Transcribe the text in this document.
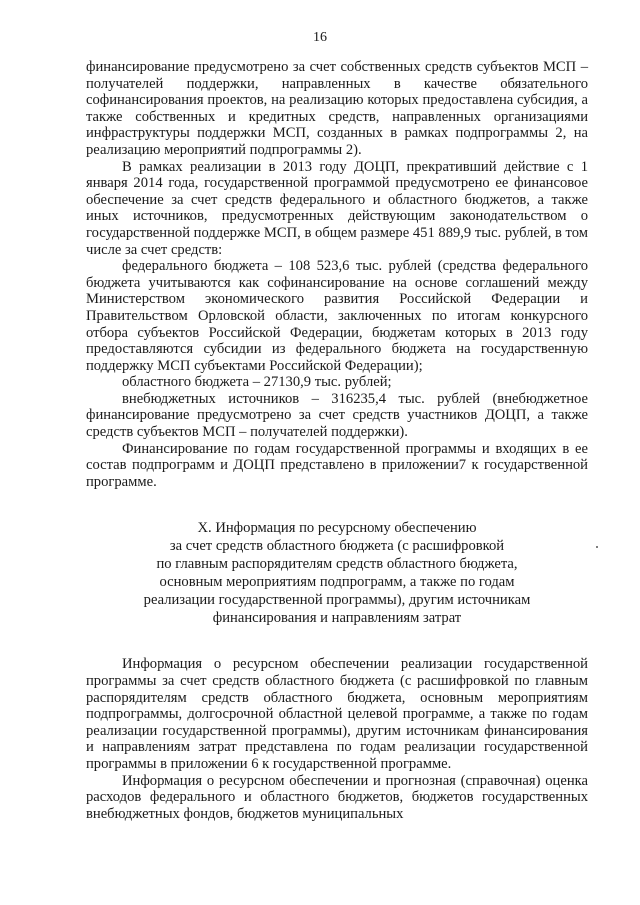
16

финансирование предусмотрено за счет собственных средств субъектов МСП – получателей поддержки, направленных в качестве обязательного софинансирования проектов, на реализацию которых предоставлена субсидия, а также собственных и кредитных средств, направленных организациями инфраструктуры поддержки МСП, созданных в рамках подпрограммы 2, на реализацию мероприятий подпрограммы 2).

В рамках реализации в 2013 году ДОЦП, прекративший действие с 1 января 2014 года, государственной программой предусмотрено ее финансовое обеспечение за счет средств федерального и областного бюджетов, а также иных источников, предусмотренных действующим законодательством о государственной поддержке МСП, в общем размере 451 889,9 тыс. рублей, в том числе за счет средств:

федерального бюджета – 108 523,6 тыс. рублей (средства федерального бюджета учитываются как софинансирование на основе соглашений между Министерством экономического развития Российской Федерации и Правительством Орловской области, заключенных по итогам конкурсного отбора субъектов Российской Федерации, бюджетам которых в 2013 году предоставляются субсидии из федерального бюджета на государственную поддержку МСП субъектами Российской Федерации);

областного бюджета – 27130,9 тыс. рублей;

внебюджетных источников – 316235,4 тыс. рублей (внебюджетное финансирование предусмотрено за счет средств участников ДОЦП, а также средств субъектов МСП – получателей поддержки).

Финансирование по годам государственной программы и входящих в ее состав подпрограмм и ДОЦП представлено в приложении7 к государственной программе.

X. Информация по ресурсному обеспечению
за счет средств областного бюджета (с расшифровкой
по главным распорядителям средств областного бюджета,
основным мероприятиям подпрограмм, а также по годам
реализации государственной программы), другим источникам
финансирования и направлениям затрат

Информация о ресурсном обеспечении реализации государственной программы за счет средств областного бюджета (с расшифровкой по главным распорядителям средств областного бюджета, основным мероприятиям подпрограммы, долгосрочной областной целевой программе, а также по годам реализации государственной программы), другим источникам финансирования и направлениям затрат представлена по годам реализации государственной программы в приложении 6 к государственной программе.

Информация о ресурсном обеспечении и прогнозная (справочная) оценка расходов федерального и областного бюджетов, бюджетов государственных внебюджетных фондов, бюджетов муниципальных
